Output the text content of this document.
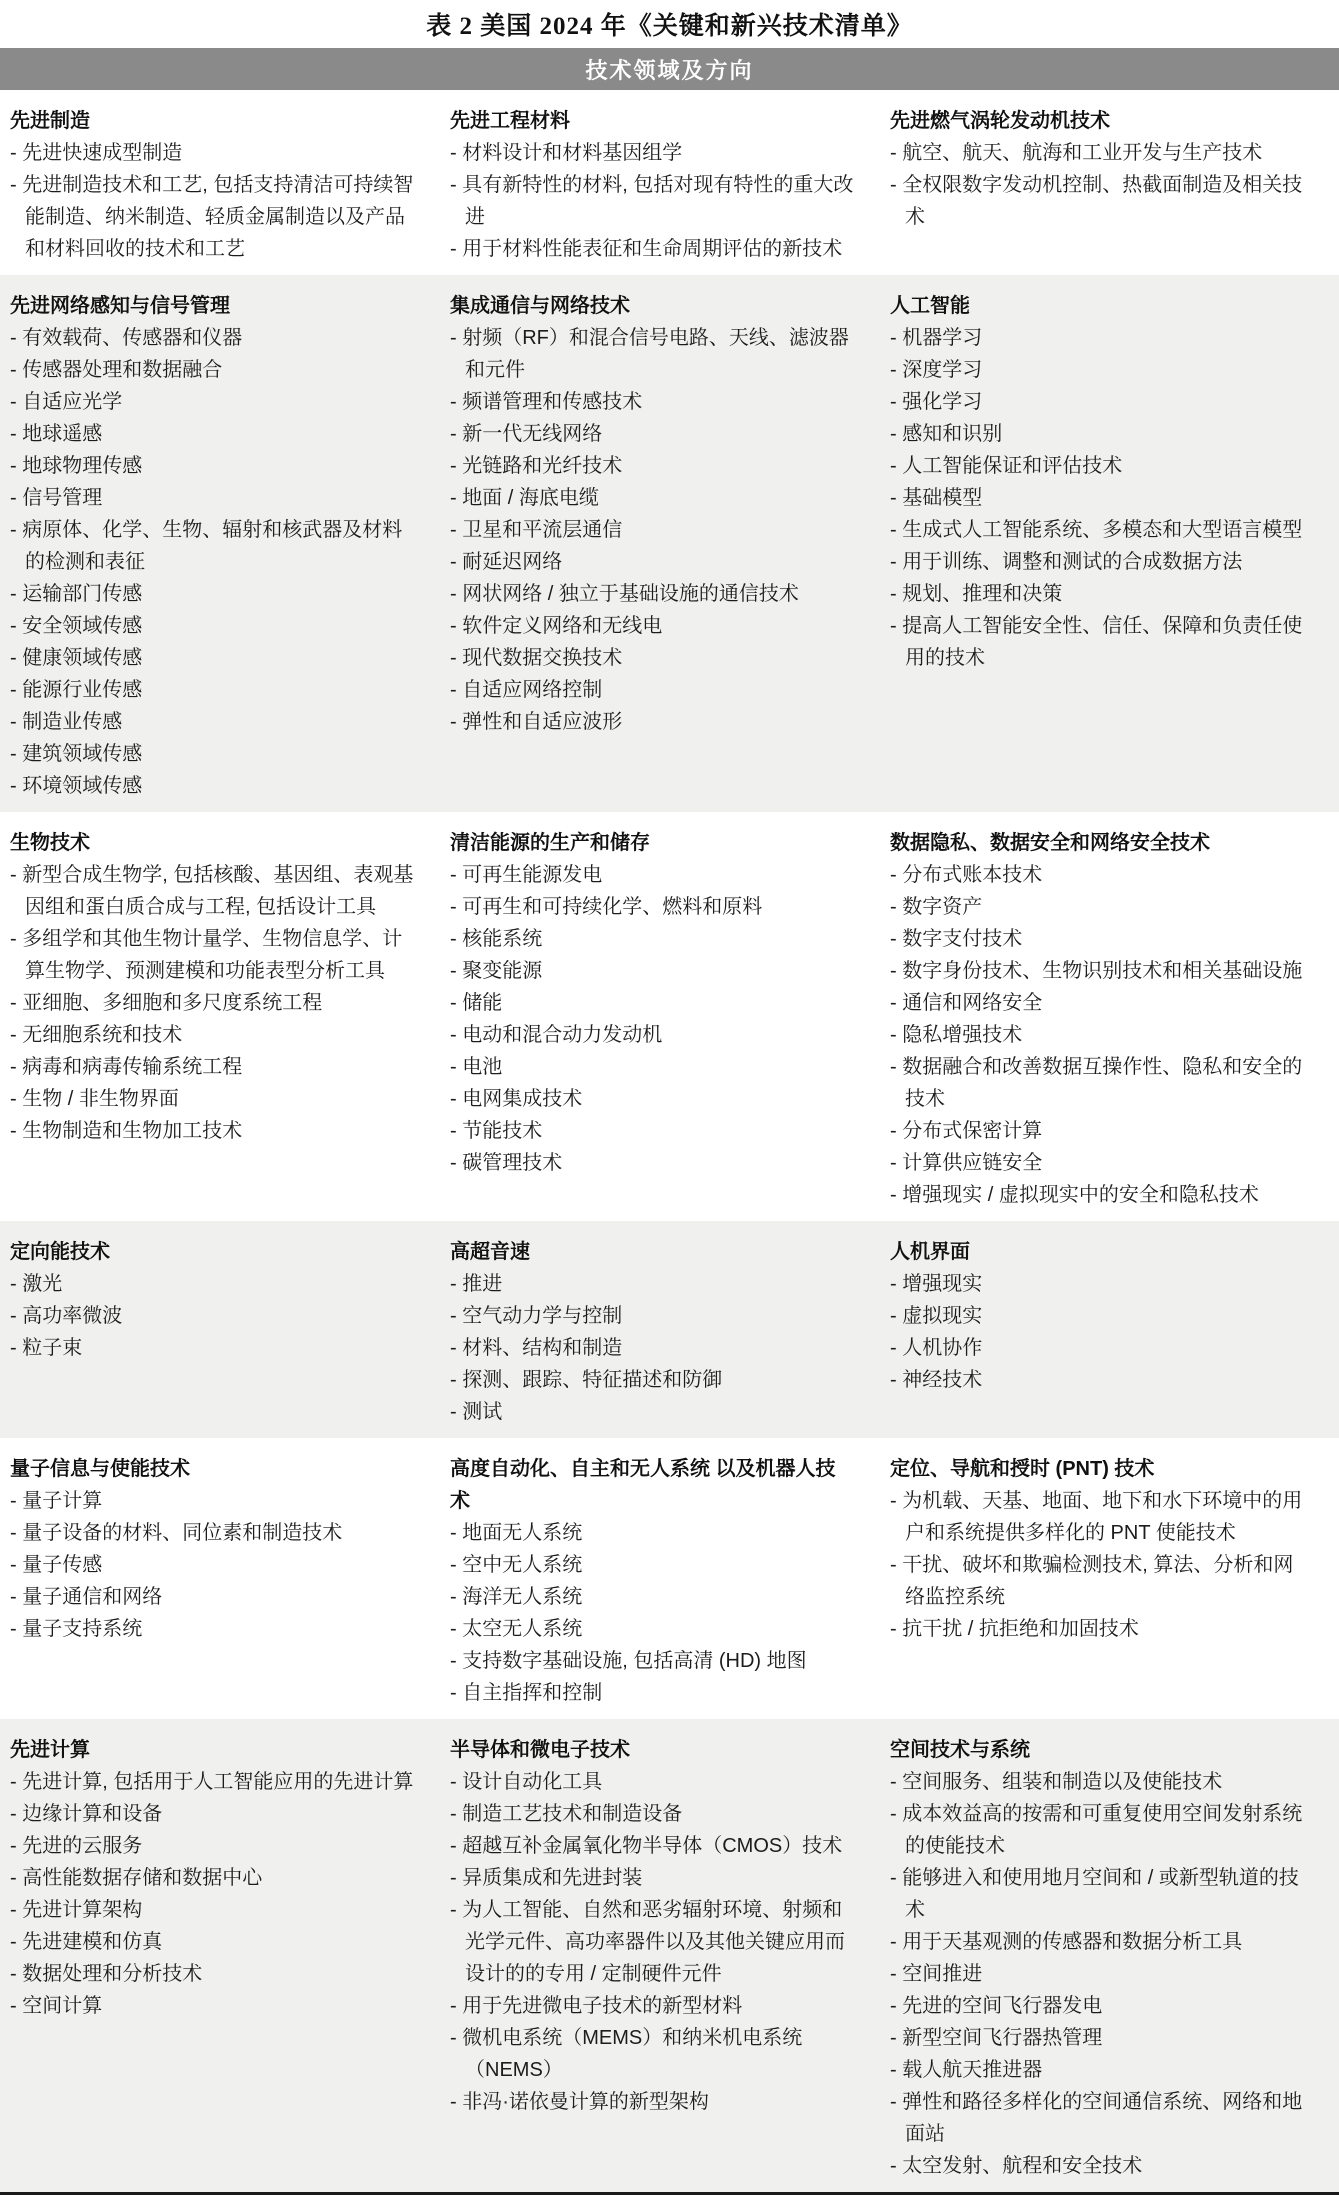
表 2 美国 2024 年《关键和新兴技术清单》
技术领域及方向
先进制造
- 先进快速成型制造
- 先进制造技术和工艺, 包括支持清洁可持续智能制造、纳米制造、轻质金属制造以及产品和材料回收的技术和工艺
先进工程材料
- 材料设计和材料基因组学
- 具有新特性的材料, 包括对现有特性的重大改进
- 用于材料性能表征和生命周期评估的新技术
先进燃气涡轮发动机技术
- 航空、航天、航海和工业开发与生产技术
- 全权限数字发动机控制、热截面制造及相关技术
先进网络感知与信号管理
- 有效载荷、传感器和仪器
- 传感器处理和数据融合
- 自适应光学
- 地球遥感
- 地球物理传感
- 信号管理
- 病原体、化学、生物、辐射和核武器及材料的检测和表征
- 运输部门传感
- 安全领域传感
- 健康领域传感
- 能源行业传感
- 制造业传感
- 建筑领域传感
- 环境领域传感
集成通信与网络技术
- 射频（RF）和混合信号电路、天线、滤波器和元件
- 频谱管理和传感技术
- 新一代无线网络
- 光链路和光纤技术
- 地面 / 海底电缆
- 卫星和平流层通信
- 耐延迟网络
- 网状网络 / 独立于基础设施的通信技术
- 软件定义网络和无线电
- 现代数据交换技术
- 自适应网络控制
- 弹性和自适应波形
人工智能
- 机器学习
- 深度学习
- 强化学习
- 感知和识别
- 人工智能保证和评估技术
- 基础模型
- 生成式人工智能系统、多模态和大型语言模型
- 用于训练、调整和测试的合成数据方法
- 规划、推理和决策
- 提高人工智能安全性、信任、保障和负责任使用的技术
生物技术
- 新型合成生物学, 包括核酸、基因组、表观基因组和蛋白质合成与工程, 包括设计工具
- 多组学和其他生物计量学、生物信息学、计算生物学、预测建模和功能表型分析工具
- 亚细胞、多细胞和多尺度系统工程
- 无细胞系统和技术
- 病毒和病毒传输系统工程
- 生物 / 非生物界面
- 生物制造和生物加工技术
清洁能源的生产和储存
- 可再生能源发电
- 可再生和可持续化学、燃料和原料
- 核能系统
- 聚变能源
- 储能
- 电动和混合动力发动机
- 电池
- 电网集成技术
- 节能技术
- 碳管理技术
数据隐私、数据安全和网络安全技术
- 分布式账本技术
- 数字资产
- 数字支付技术
- 数字身份技术、生物识别技术和相关基础设施
- 通信和网络安全
- 隐私增强技术
- 数据融合和改善数据互操作性、隐私和安全的技术
- 分布式保密计算
- 计算供应链安全
- 增强现实 / 虚拟现实中的安全和隐私技术
定向能技术
- 激光
- 高功率微波
- 粒子束
高超音速
- 推进
- 空气动力学与控制
- 材料、结构和制造
- 探测、跟踪、特征描述和防御
- 测试
人机界面
- 增强现实
- 虚拟现实
- 人机协作
- 神经技术
量子信息与使能技术
- 量子计算
- 量子设备的材料、同位素和制造技术
- 量子传感
- 量子通信和网络
- 量子支持系统
高度自动化、自主和无人系统 以及机器人技术
- 地面无人系统
- 空中无人系统
- 海洋无人系统
- 太空无人系统
- 支持数字基础设施, 包括高清 (HD) 地图
- 自主指挥和控制
定位、导航和授时 (PNT) 技术
- 为机载、天基、地面、地下和水下环境中的用户和系统提供多样化的 PNT 使能技术
- 干扰、破坏和欺骗检测技术, 算法、分析和网络监控系统
- 抗干扰 / 抗拒绝和加固技术
先进计算
- 先进计算, 包括用于人工智能应用的先进计算
- 边缘计算和设备
- 先进的云服务
- 高性能数据存储和数据中心
- 先进计算架构
- 先进建模和仿真
- 数据处理和分析技术
- 空间计算
半导体和微电子技术
- 设计自动化工具
- 制造工艺技术和制造设备
- 超越互补金属氧化物半导体（CMOS）技术
- 异质集成和先进封装
- 为人工智能、自然和恶劣辐射环境、射频和光学元件、高功率器件以及其他关键应用而设计的的专用 / 定制硬件元件
- 用于先进微电子技术的新型材料
- 微机电系统（MEMS）和纳米机电系统（NEMS）
- 非冯·诺依曼计算的新型架构
空间技术与系统
- 空间服务、组装和制造以及使能技术
- 成本效益高的按需和可重复使用空间发射系统的使能技术
- 能够进入和使用地月空间和 / 或新型轨道的技术
- 用于天基观测的传感器和数据分析工具
- 空间推进
- 先进的空间飞行器发电
- 新型空间飞行器热管理
- 载人航天推进器
- 弹性和路径多样化的空间通信系统、网络和地面站
- 太空发射、航程和安全技术
